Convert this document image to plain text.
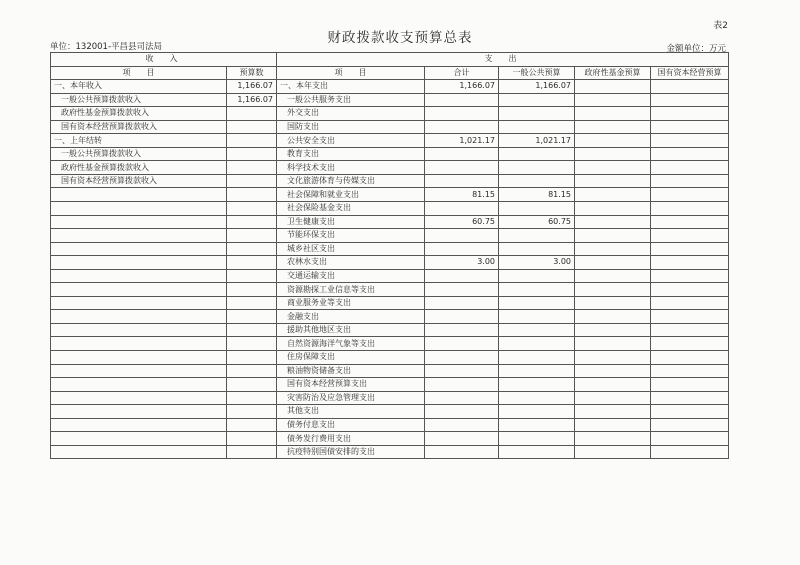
表2
财政拨款收支预算总表
单位：132001-平昌县司法局	金额单位：万元
收　入		支　出				
项　　目	预算数	项　　目	合计	一般公共预算	政府性基金预算	国有资本经营预算
一、本年收入	1,166.07	一、本年支出	1,166.07	1,166.07		
一般公共预算拨款收入	1,166.07	一般公共服务支出				
政府性基金预算拨款收入		外交支出				
国有资本经营预算拨款收入		国防支出				
一、上年结转		公共安全支出	1,021.17	1,021.17		
一般公共预算拨款收入		教育支出				
政府性基金预算拨款收入		科学技术支出				
国有资本经营预算拨款收入		文化旅游体育与传媒支出				
		社会保障和就业支出	81.15	81.15		
		社会保险基金支出				
		卫生健康支出	60.75	60.75		
		节能环保支出				
		城乡社区支出				
		农林水支出	3.00	3.00		
		交通运输支出				
		资源勘探工业信息等支出				
		商业服务业等支出				
		金融支出				
		援助其他地区支出				
		自然资源海洋气象等支出				
		住房保障支出				
		粮油物资储备支出				
		国有资本经营预算支出				
		灾害防治及应急管理支出				
		其他支出				
		债务付息支出				
		债务发行费用支出				
		抗疫特别国债安排的支出				
